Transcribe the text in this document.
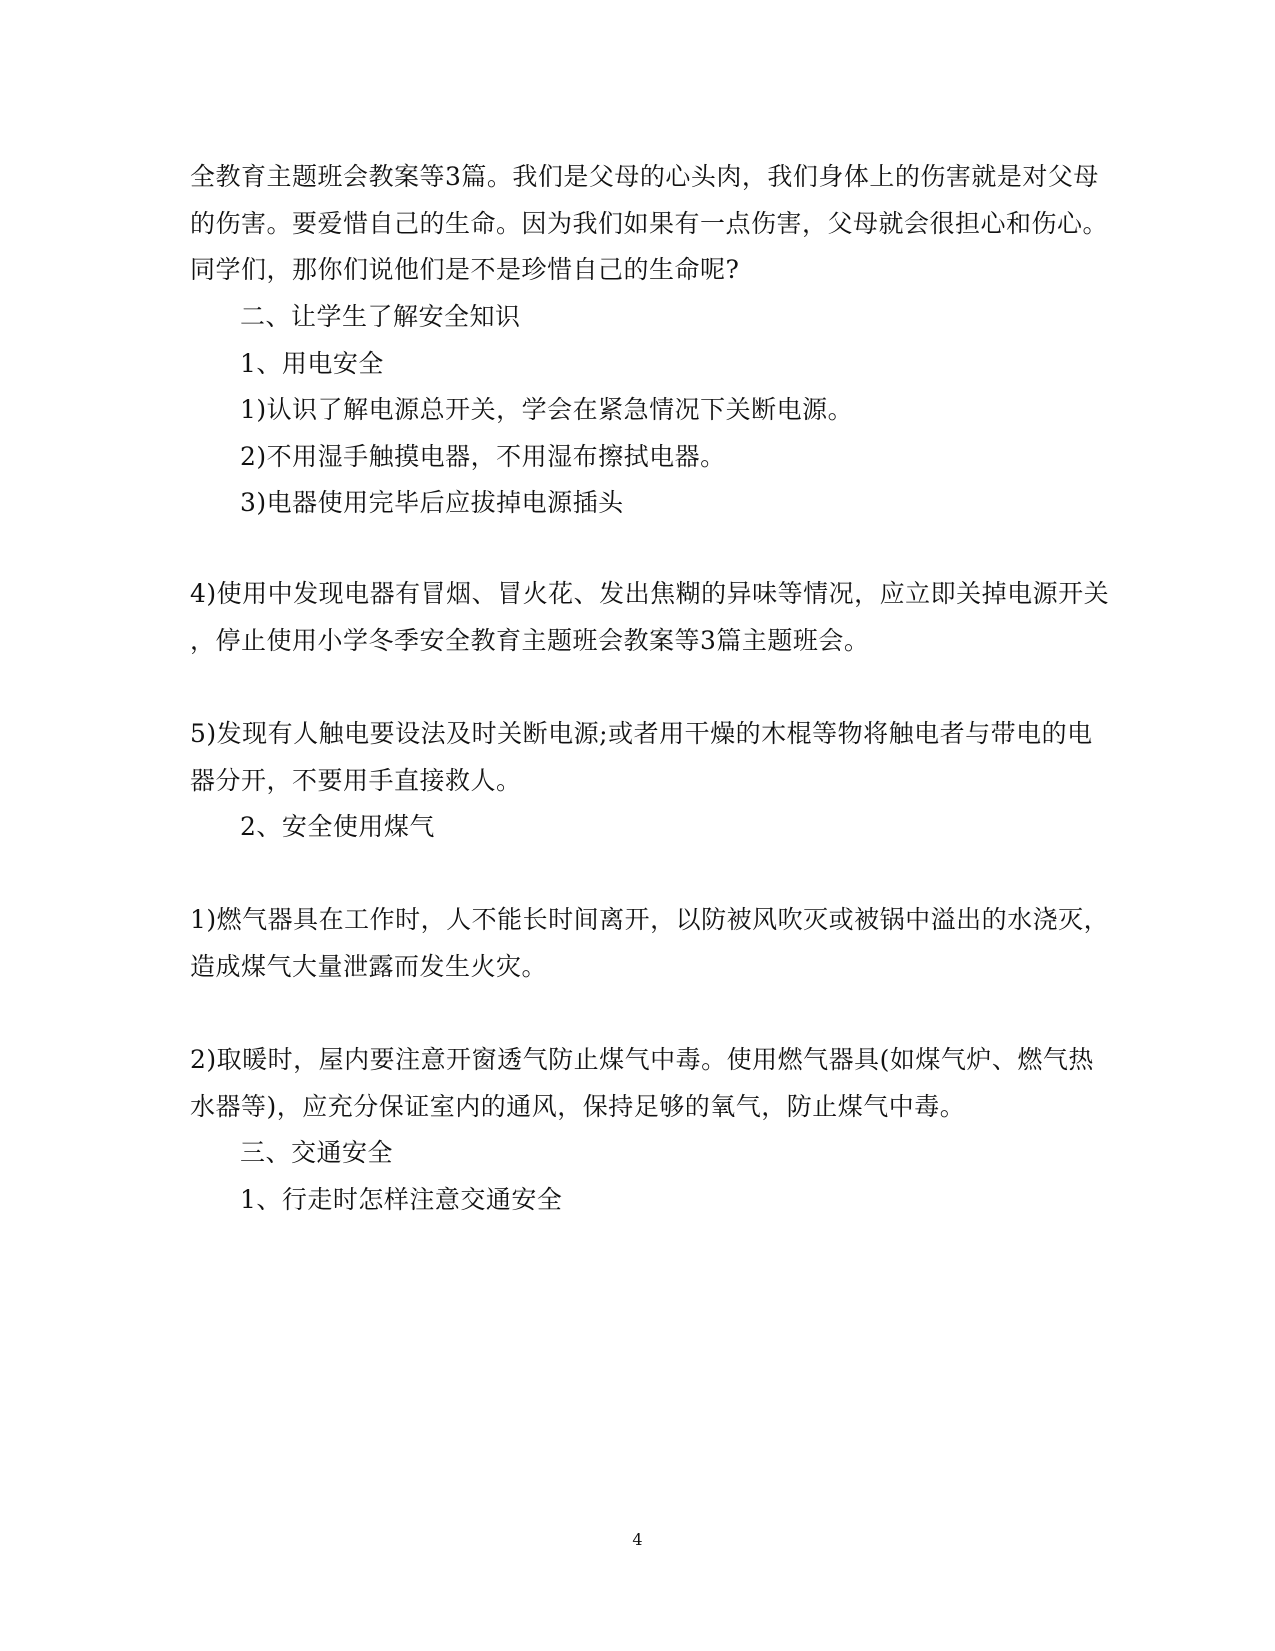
全教育主题班会教案等3篇。我们是父母的心头肉，我们身体上的伤害就是对父母
的伤害。要爱惜自己的生命。因为我们如果有一点伤害，父母就会很担心和伤心。
同学们，那你们说他们是不是珍惜自己的生命呢?
二、让学生了解安全知识
1、用电安全
1)认识了解电源总开关，学会在紧急情况下关断电源。
2)不用湿手触摸电器，不用湿布擦拭电器。
3)电器使用完毕后应拔掉电源插头
4)使用中发现电器有冒烟、冒火花、发出焦糊的异味等情况，应立即关掉电源开关
，停止使用小学冬季安全教育主题班会教案等3篇主题班会。
5)发现有人触电要设法及时关断电源;或者用干燥的木棍等物将触电者与带电的电
器分开，不要用手直接救人。
2、安全使用煤气
1)燃气器具在工作时，人不能长时间离开，以防被风吹灭或被锅中溢出的水浇灭，
造成煤气大量泄露而发生火灾。
2)取暖时，屋内要注意开窗透气防止煤气中毒。使用燃气器具(如煤气炉、燃气热
水器等)，应充分保证室内的通风，保持足够的氧气，防止煤气中毒。
三、交通安全
1、行走时怎样注意交通安全
4
